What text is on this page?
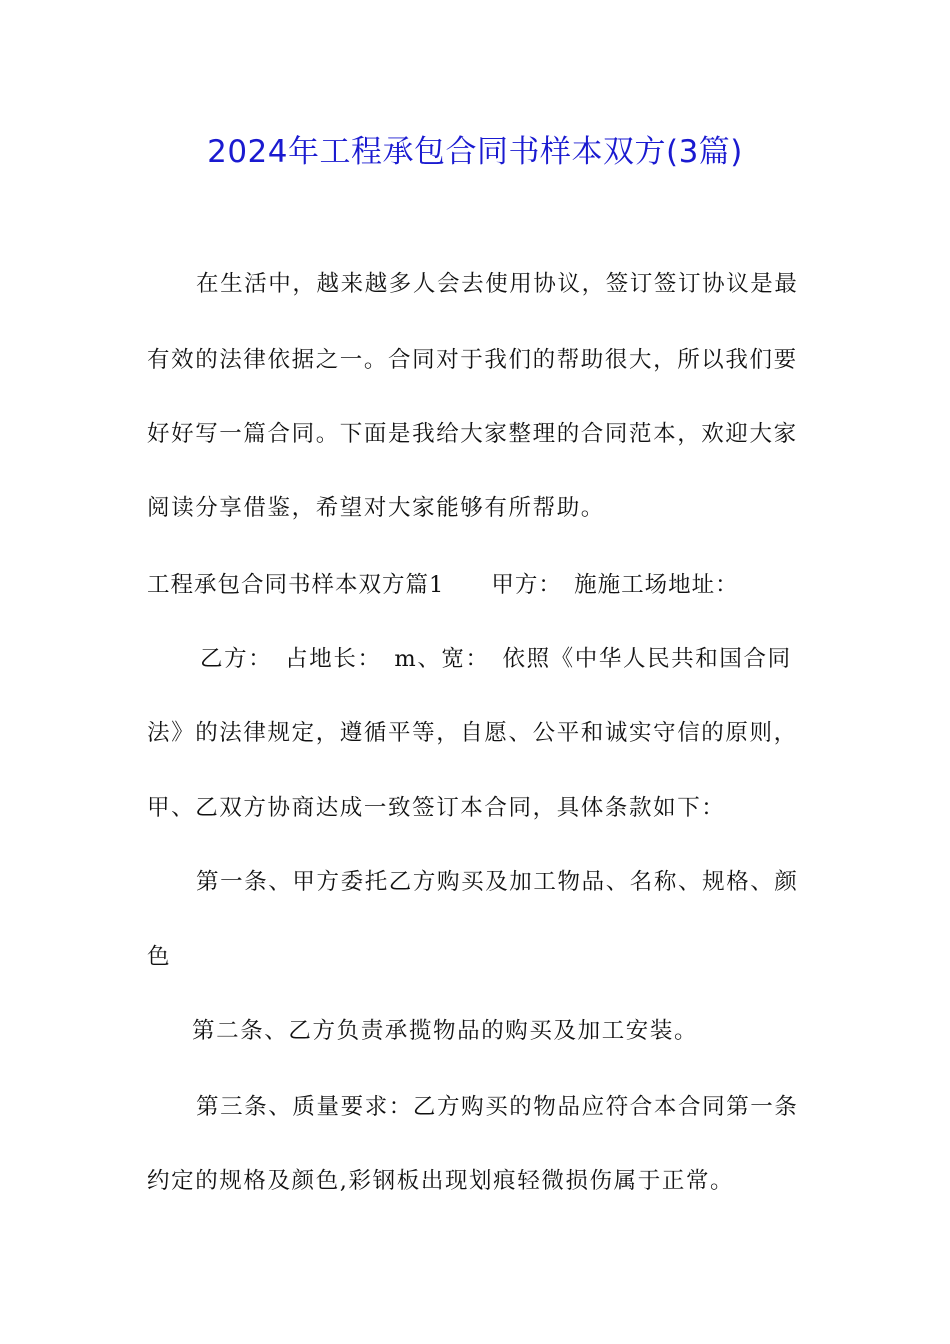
2024年工程承包合同书样本双方(3篇)
在生活中，越来越多人会去使用协议，签订签订协议是最
有效的法律依据之一。合同对于我们的帮助很大，所以我们要
好好写一篇合同。下面是我给大家整理的合同范本，欢迎大家
阅读分享借鉴，希望对大家能够有所帮助。
工程承包合同书样本双方篇1　　甲方：　施施工场地址：
乙方：　占地长：　m、宽：　依照《中华人民共和国合同
法》的法律规定，遵循平等，自愿、公平和诚实守信的原则，
甲、乙双方协商达成一致签订本合同，具体条款如下：
第一条、甲方委托乙方购买及加工物品、名称、规格、颜
色
第二条、乙方负责承揽物品的购买及加工安装。
第三条、质量要求：乙方购买的物品应符合本合同第一条
约定的规格及颜色,彩钢板出现划痕轻微损伤属于正常。
